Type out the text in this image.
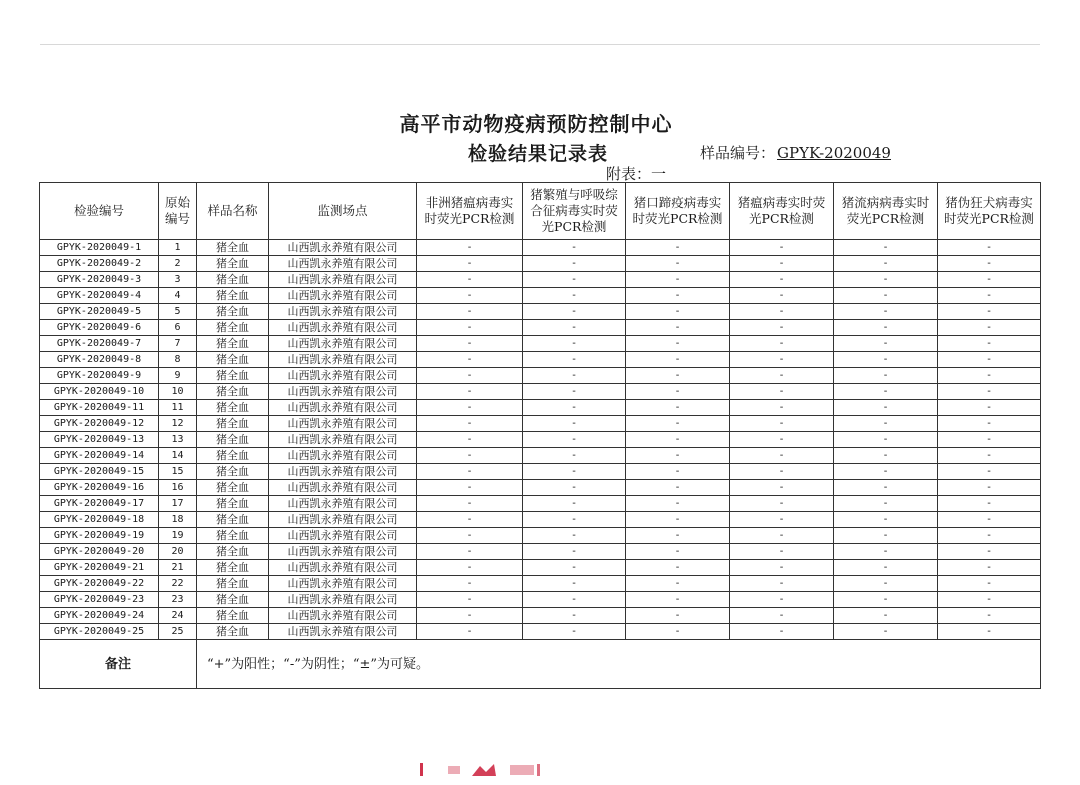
高平市动物疫病预防控制中心
检验结果记录表	样品编号： GPYK-2020049
附表：一
检验编号	原始编号	样品名称	监测场点	非洲猪瘟病毒实时荧光PCR检测	猪繁殖与呼吸综合征病毒实时荧光PCR检测	猪口蹄疫病毒实时荧光PCR检测	猪瘟病毒实时荧光PCR检测	猪流病病毒实时荧光PCR检测	猪伪狂犬病毒实时荧光PCR检测
GPYK-2020049-1	1	猪全血	山西凯永养殖有限公司	-	-	-	-	-	-
GPYK-2020049-2	2	猪全血	山西凯永养殖有限公司	-	-	-	-	-	-
GPYK-2020049-3	3	猪全血	山西凯永养殖有限公司	-	-	-	-	-	-
GPYK-2020049-4	4	猪全血	山西凯永养殖有限公司	-	-	-	-	-	-
GPYK-2020049-5	5	猪全血	山西凯永养殖有限公司	-	-	-	-	-	-
GPYK-2020049-6	6	猪全血	山西凯永养殖有限公司	-	-	-	-	-	-
GPYK-2020049-7	7	猪全血	山西凯永养殖有限公司	-	-	-	-	-	-
GPYK-2020049-8	8	猪全血	山西凯永养殖有限公司	-	-	-	-	-	-
GPYK-2020049-9	9	猪全血	山西凯永养殖有限公司	-	-	-	-	-	-
GPYK-2020049-10	10	猪全血	山西凯永养殖有限公司	-	-	-	-	-	-
GPYK-2020049-11	11	猪全血	山西凯永养殖有限公司	-	-	-	-	-	-
GPYK-2020049-12	12	猪全血	山西凯永养殖有限公司	-	-	-	-	-	-
GPYK-2020049-13	13	猪全血	山西凯永养殖有限公司	-	-	-	-	-	-
GPYK-2020049-14	14	猪全血	山西凯永养殖有限公司	-	-	-	-	-	-
GPYK-2020049-15	15	猪全血	山西凯永养殖有限公司	-	-	-	-	-	-
GPYK-2020049-16	16	猪全血	山西凯永养殖有限公司	-	-	-	-	-	-
GPYK-2020049-17	17	猪全血	山西凯永养殖有限公司	-	-	-	-	-	-
GPYK-2020049-18	18	猪全血	山西凯永养殖有限公司	-	-	-	-	-	-
GPYK-2020049-19	19	猪全血	山西凯永养殖有限公司	-	-	-	-	-	-
GPYK-2020049-20	20	猪全血	山西凯永养殖有限公司	-	-	-	-	-	-
GPYK-2020049-21	21	猪全血	山西凯永养殖有限公司	-	-	-	-	-	-
GPYK-2020049-22	22	猪全血	山西凯永养殖有限公司	-	-	-	-	-	-
GPYK-2020049-23	23	猪全血	山西凯永养殖有限公司	-	-	-	-	-	-
GPYK-2020049-24	24	猪全血	山西凯永养殖有限公司	-	-	-	-	-	-
GPYK-2020049-25	25	猪全血	山西凯永养殖有限公司	-	-	-	-	-	-
备注		“+”为阳性；“-”为阴性；“±”为可疑。							
